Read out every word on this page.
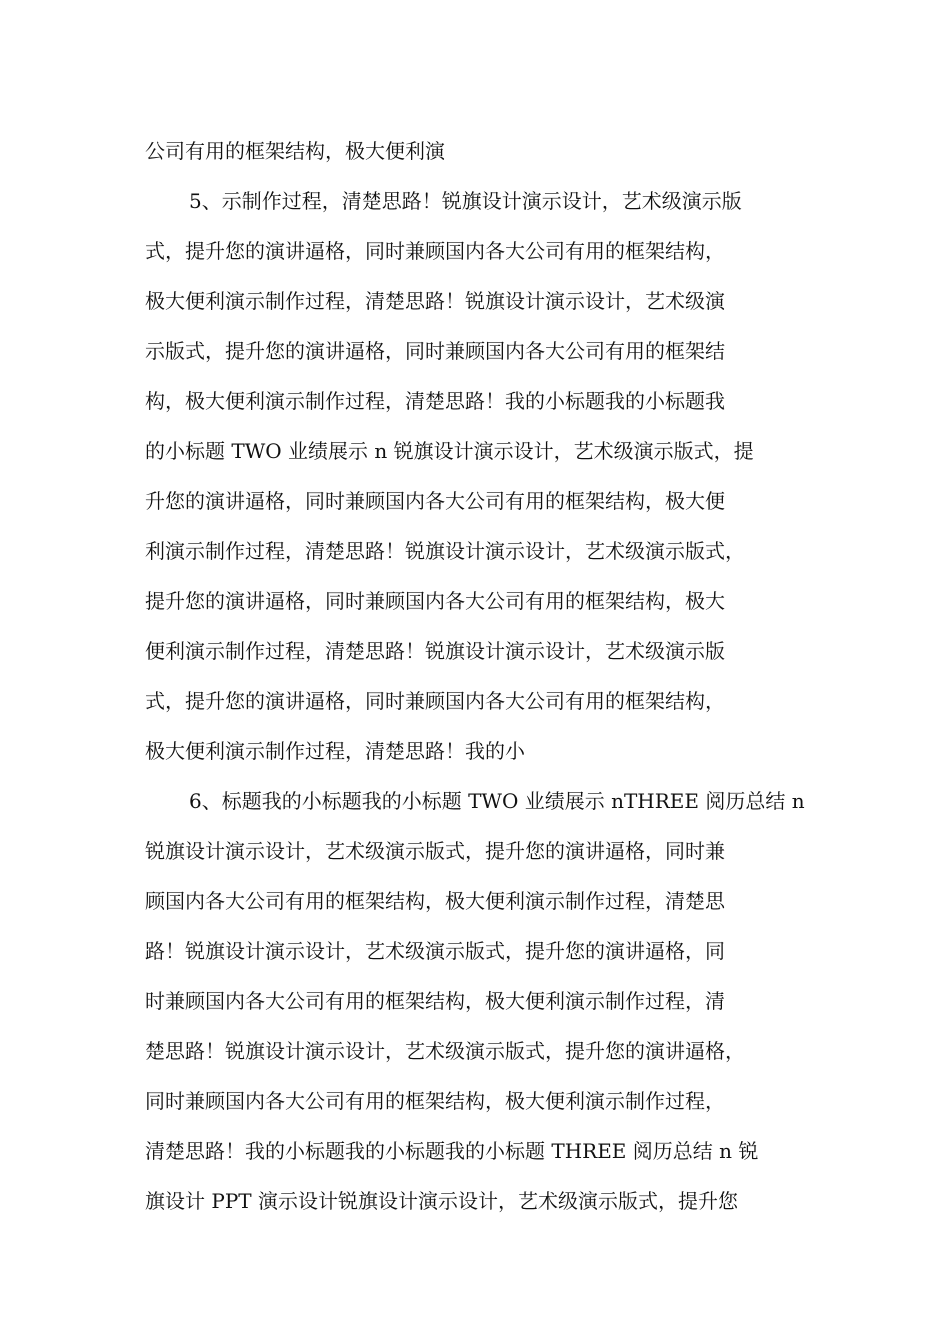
公司有用的框架结构，极大便利演
5、示制作过程，清楚思路！锐旗设计演示设计，艺术级演示版
式，提升您的演讲逼格，同时兼顾国内各大公司有用的框架结构，
极大便利演示制作过程，清楚思路！锐旗设计演示设计，艺术级演
示版式，提升您的演讲逼格，同时兼顾国内各大公司有用的框架结
构，极大便利演示制作过程，清楚思路！我的小标题我的小标题我
的小标题 TWO 业绩展示 n 锐旗设计演示设计，艺术级演示版式，提
升您的演讲逼格，同时兼顾国内各大公司有用的框架结构，极大便
利演示制作过程，清楚思路！锐旗设计演示设计，艺术级演示版式，
提升您的演讲逼格，同时兼顾国内各大公司有用的框架结构，极大
便利演示制作过程，清楚思路！锐旗设计演示设计，艺术级演示版
式，提升您的演讲逼格，同时兼顾国内各大公司有用的框架结构，
极大便利演示制作过程，清楚思路！我的小
6、标题我的小标题我的小标题 TWO 业绩展示 nTHREE 阅历总结 n
锐旗设计演示设计，艺术级演示版式，提升您的演讲逼格，同时兼
顾国内各大公司有用的框架结构，极大便利演示制作过程，清楚思
路！锐旗设计演示设计，艺术级演示版式，提升您的演讲逼格，同
时兼顾国内各大公司有用的框架结构，极大便利演示制作过程，清
楚思路！锐旗设计演示设计，艺术级演示版式，提升您的演讲逼格，
同时兼顾国内各大公司有用的框架结构，极大便利演示制作过程，
清楚思路！我的小标题我的小标题我的小标题 THREE 阅历总结 n 锐
旗设计 PPT 演示设计锐旗设计演示设计，艺术级演示版式，提升您
